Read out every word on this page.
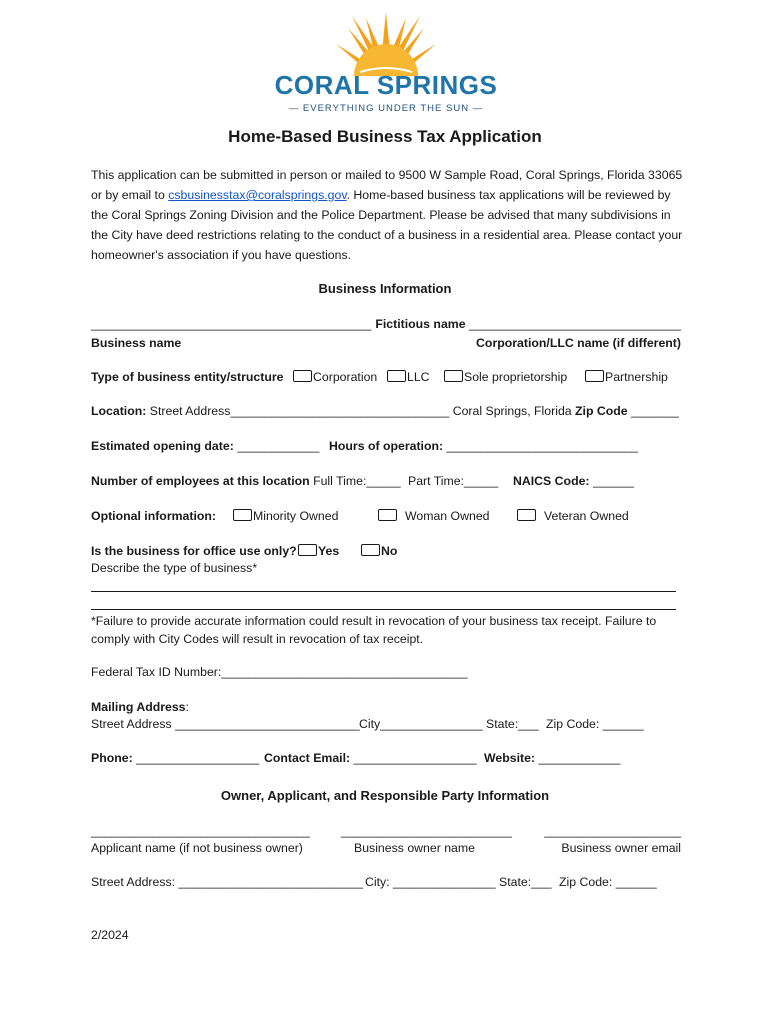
CORAL SPRINGS
— EVERYTHING UNDER THE SUN —
Home-Based Business Tax Application
This application can be submitted in person or mailed to 9500 W Sample Road, Coral Springs, Florida 33065 or by email to csbusinesstax@coralsprings.gov. Home-based business tax applications will be reviewed by the Coral Springs Zoning Division and the Police Department. Please be advised that many subdivisions in the City have deed restrictions relating to the conduct of a business in a residential area. Please contact your homeowner's association if you have questions.
Business Information
_________________________________________ Fictitious name _______________________________
Business name	Corporation/LLC name (if different)
Type of business entity/structure	Corporation	LLC	Sole proprietorship	Partnership
Location: Street Address________________________________ Coral Springs, Florida Zip Code _______
Estimated opening date: ____________ Hours of operation: ____________________________
Number of employees at this location Full Time:_____ Part Time:_____ NAICS Code: ______
Optional information:	Minority Owned	Woman Owned	Veteran Owned
Is the business for office use only?	Yes	No
Describe the type of business*
*Failure to provide accurate information could result in revocation of your business tax receipt. Failure to comply with City Codes will result in revocation of tax receipt.
Federal Tax ID Number:____________________________________
Mailing Address:
Street Address ___________________________ City_______________ State:___ Zip Code: ______
Phone: __________________ Contact Email: __________________ Website: ____________
Owner, Applicant, and Responsible Party Information
________________________________	_________________________	____________________
Applicant name (if not business owner)	Business owner name	Business owner email
Street Address: ___________________________ City: _______________ State:___ Zip Code: ______
2/2024
